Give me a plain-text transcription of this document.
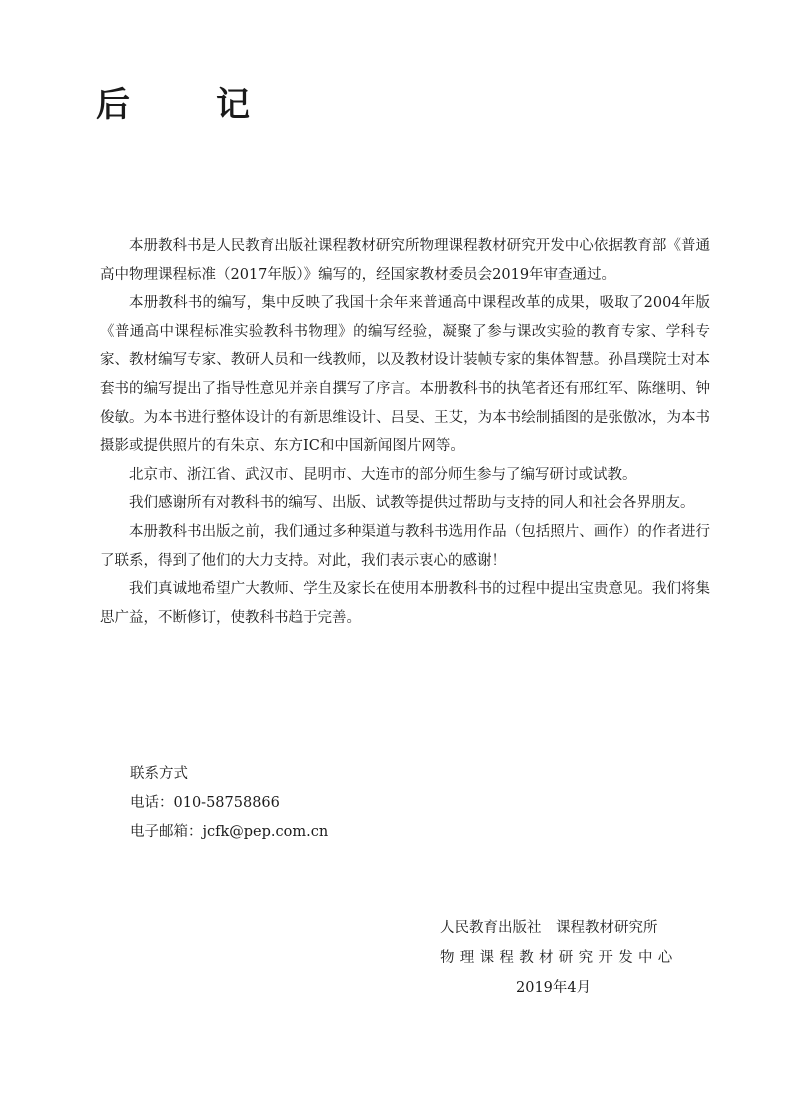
后　记

本册教科书是人民教育出版社课程教材研究所物理课程教材研究开发中心依据教育部《普通高中物理课程标准（2017年版）》编写的，经国家教材委员会2019年审查通过。

本册教科书的编写，集中反映了我国十余年来普通高中课程改革的成果，吸取了2004年版《普通高中课程标准实验教科书物理》的编写经验，凝聚了参与课改实验的教育专家、学科专家、教材编写专家、教研人员和一线教师，以及教材设计装帧专家的集体智慧。孙昌璞院士对本套书的编写提出了指导性意见并亲自撰写了序言。本册教科书的执笔者还有邢红军、陈继明、钟俊敏。为本书进行整体设计的有新思维设计、吕旻、王艾，为本书绘制插图的是张傲冰，为本书摄影或提供照片的有朱京、东方IC和中国新闻图片网等。

北京市、浙江省、武汉市、昆明市、大连市的部分师生参与了编写研讨或试教。

我们感谢所有对教科书的编写、出版、试教等提供过帮助与支持的同人和社会各界朋友。

本册教科书出版之前，我们通过多种渠道与教科书选用作品（包括照片、画作）的作者进行了联系，得到了他们的大力支持。对此，我们表示衷心的感谢！

我们真诚地希望广大教师、学生及家长在使用本册教科书的过程中提出宝贵意见。我们将集思广益，不断修订，使教科书趋于完善。

联系方式
电话：010-58758866
电子邮箱：jcfk@pep.com.cn
人民教育出版社　课程教材研究所
物理课程教材研究开发中心
2019年4月
